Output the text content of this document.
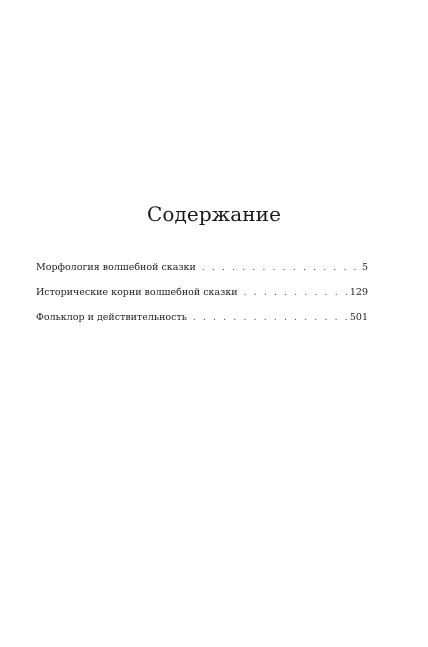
Содержание
Морфология волшебной сказки . . .	5
Исторические корни волшебной сказки . . .	129
Фольклор и действительность . . .	501
